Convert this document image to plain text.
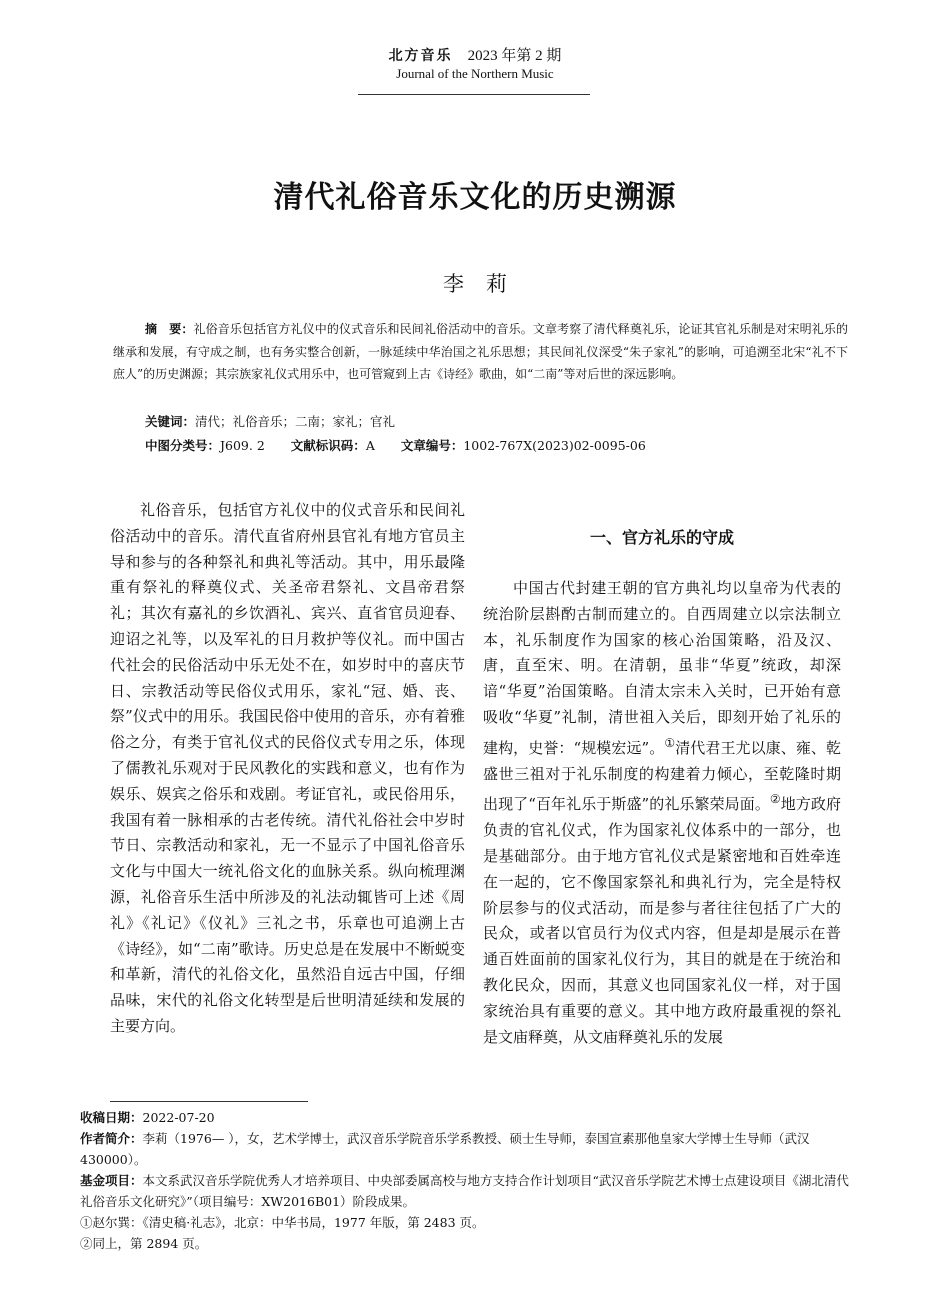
北方音乐 2023 年第 2 期
Journal of the Northern Music
清代礼俗音乐文化的历史溯源
李莉
摘　要：礼俗音乐包括官方礼仪中的仪式音乐和民间礼俗活动中的音乐。文章考察了清代释奠礼乐，论证其官礼乐制是对宋明礼乐的继承和发展，有守成之制，也有务实整合创新，一脉延续中华治国之礼乐思想；其民间礼仪深受“朱子家礼”的影响，可追溯至北宋“礼不下庶人”的历史渊源；其宗族家礼仪式用乐中，也可管窥到上古《诗经》歌曲，如“二南”等对后世的深远影响。
关键词：清代；礼俗音乐；二南；家礼；官礼
中图分类号：J609. 2 文献标识码：A 文章编号：1002-767X(2023)02-0095-06

礼俗音乐，包括官方礼仪中的仪式音乐和民间礼俗活动中的音乐。清代直省府州县官礼有地方官员主导和参与的各种祭礼和典礼等活动。其中，用乐最隆重有祭礼的释奠仪式、关圣帝君祭礼、文昌帝君祭礼；其次有嘉礼的乡饮酒礼、宾兴、直省官员迎春、迎诏之礼等，以及军礼的日月救护等仪礼。而中国古代社会的民俗活动中乐无处不在，如岁时中的喜庆节日、宗教活动等民俗仪式用乐，家礼“冠、婚、丧、祭”仪式中的用乐。我国民俗中使用的音乐，亦有着雅俗之分，有类于官礼仪式的民俗仪式专用之乐，体现了儒教礼乐观对于民风教化的实践和意义，也有作为娱乐、娱宾之俗乐和戏剧。考证官礼，或民俗用乐，我国有着一脉相承的古老传统。清代礼俗社会中岁时节日、宗教活动和家礼，无一不显示了中国礼俗音乐文化与中国大一统礼俗文化的血脉关系。纵向梳理渊源，礼俗音乐生活中所涉及的礼法动辄皆可上述《周礼》《礼记》《仪礼》三礼之书，乐章也可追溯上古《诗经》，如“二南”歌诗。历史总是在发展中不断蜕变和革新，清代的礼俗文化，虽然沿自远古中国，仔细品味，宋代的礼俗文化转型是后世明清延续和发展的主要方向。

一、官方礼乐的守成

中国古代封建王朝的官方典礼均以皇帝为代表的统治阶层斟酌古制而建立的。自西周建立以宗法制立本，礼乐制度作为国家的核心治国策略，沿及汉、唐，直至宋、明。在清朝，虽非“华夏”统政，却深谙“华夏”治国策略。自清太宗未入关时，已开始有意吸收“华夏”礼制，清世祖入关后，即刻开始了礼乐的建构，史誉：“规模宏远”。①清代君王尤以康、雍、乾盛世三祖对于礼乐制度的构建着力倾心，至乾隆时期出现了“百年礼乐于斯盛”的礼乐繁荣局面。②地方政府负责的官礼仪式，作为国家礼仪体系中的一部分，也是基础部分。由于地方官礼仪式是紧密地和百姓牵连在一起的，它不像国家祭礼和典礼行为，完全是特权阶层参与的仪式活动，而是参与者往往包括了广大的民众，或者以官员行为仪式内容，但是却是展示在普通百姓面前的国家礼仪行为，其目的就是在于统治和教化民众，因而，其意义也同国家礼仪一样，对于国家统治具有重要的意义。其中地方政府最重视的祭礼是文庙释奠，从文庙释奠礼乐的发展

收稿日期：2022-07-20
作者简介：李莉（1976— ），女，艺术学博士，武汉音乐学院音乐学系教授、硕士生导师，泰国宣素那他皇家大学博士生导师（武汉 430000）。
基金项目：本文系武汉音乐学院优秀人才培养项目、中央部委属高校与地方支持合作计划项目“武汉音乐学院艺术博士点建设项目《湖北清代礼俗音乐文化研究》”（项目编号：XW2016B01）阶段成果。
①赵尔巽：《清史稿·礼志》，北京：中华书局，1977 年版，第 2483 页。
②同上，第 2894 页。
